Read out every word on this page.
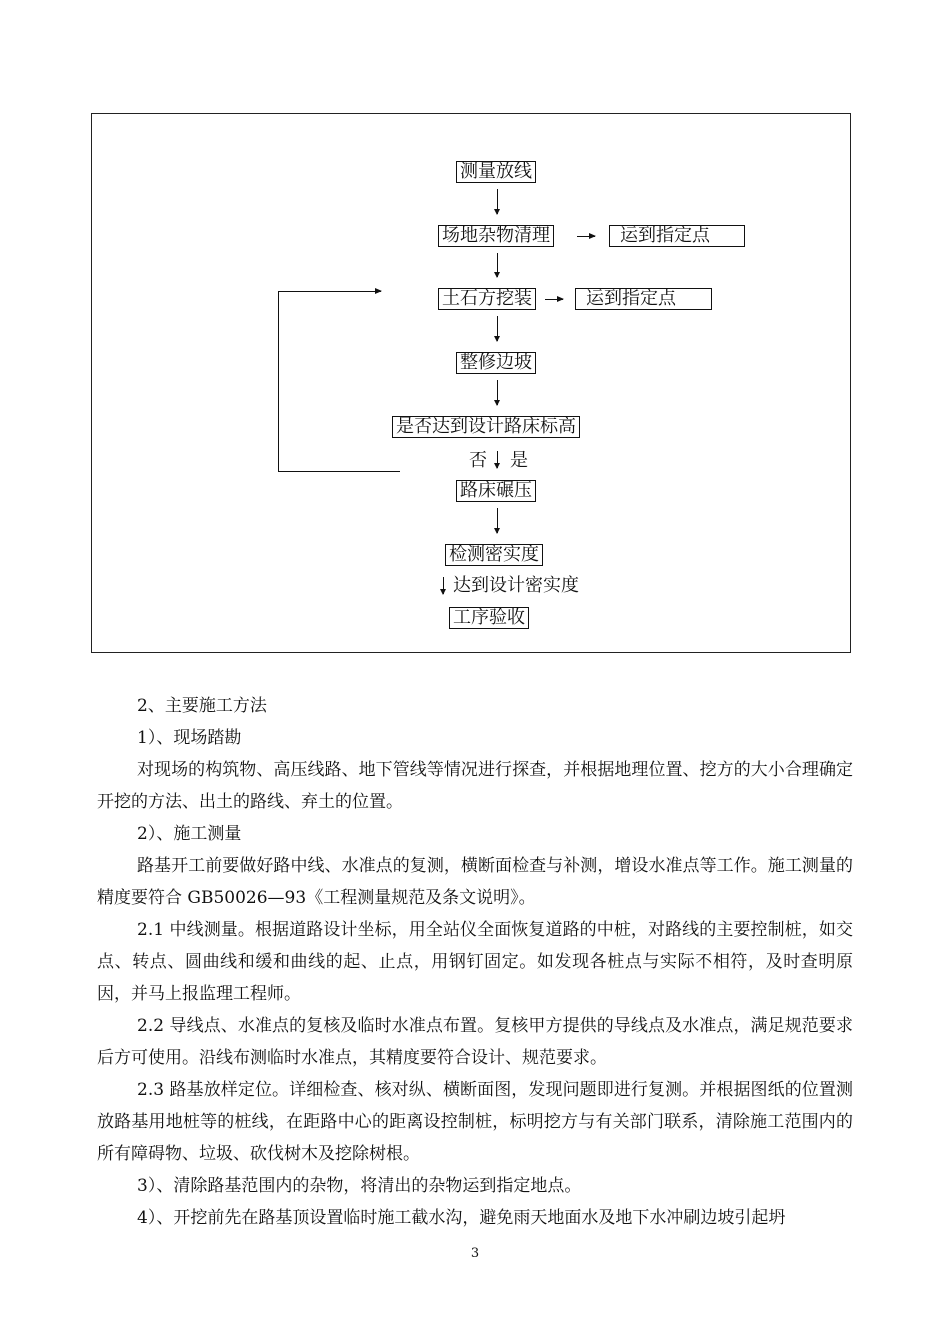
测量放线
场地杂物清理	运到指定点
土石方挖装	运到指定点
整修边坡
是否达到设计路床标高
否 是
路床碾压
检测密实度
达到设计密实度
工序验收

2、主要施工方法

1）、现场踏勘

对现场的构筑物、高压线路、地下管线等情况进行探查，并根据地理位置、挖方的大小合理确定开挖的方法、出土的路线、弃土的位置。

2）、施工测量

路基开工前要做好路中线、水准点的复测，横断面检查与补测，增设水准点等工作。施工测量的精度要符合 GB50026—93《工程测量规范及条文说明》。

2.1 中线测量。根据道路设计坐标，用全站仪全面恢复道路的中桩，对路线的主要控制桩，如交点、转点、圆曲线和缓和曲线的起、止点，用钢钉固定。如发现各桩点与实际不相符，及时查明原因，并马上报监理工程师。

2.2 导线点、水准点的复核及临时水准点布置。复核甲方提供的导线点及水准点，满足规范要求后方可使用。沿线布测临时水准点，其精度要符合设计、规范要求。

2.3 路基放样定位。详细检查、核对纵、横断面图，发现问题即进行复测。并根据图纸的位置测放路基用地桩等的桩线，在距路中心的距离设控制桩，标明挖方与有关部门联系，清除施工范围内的所有障碍物、垃圾、砍伐树木及挖除树根。

3）、清除路基范围内的杂物，将清出的杂物运到指定地点。

4）、开挖前先在路基顶设置临时施工截水沟，避免雨天地面水及地下水冲刷边坡引起坍

3
